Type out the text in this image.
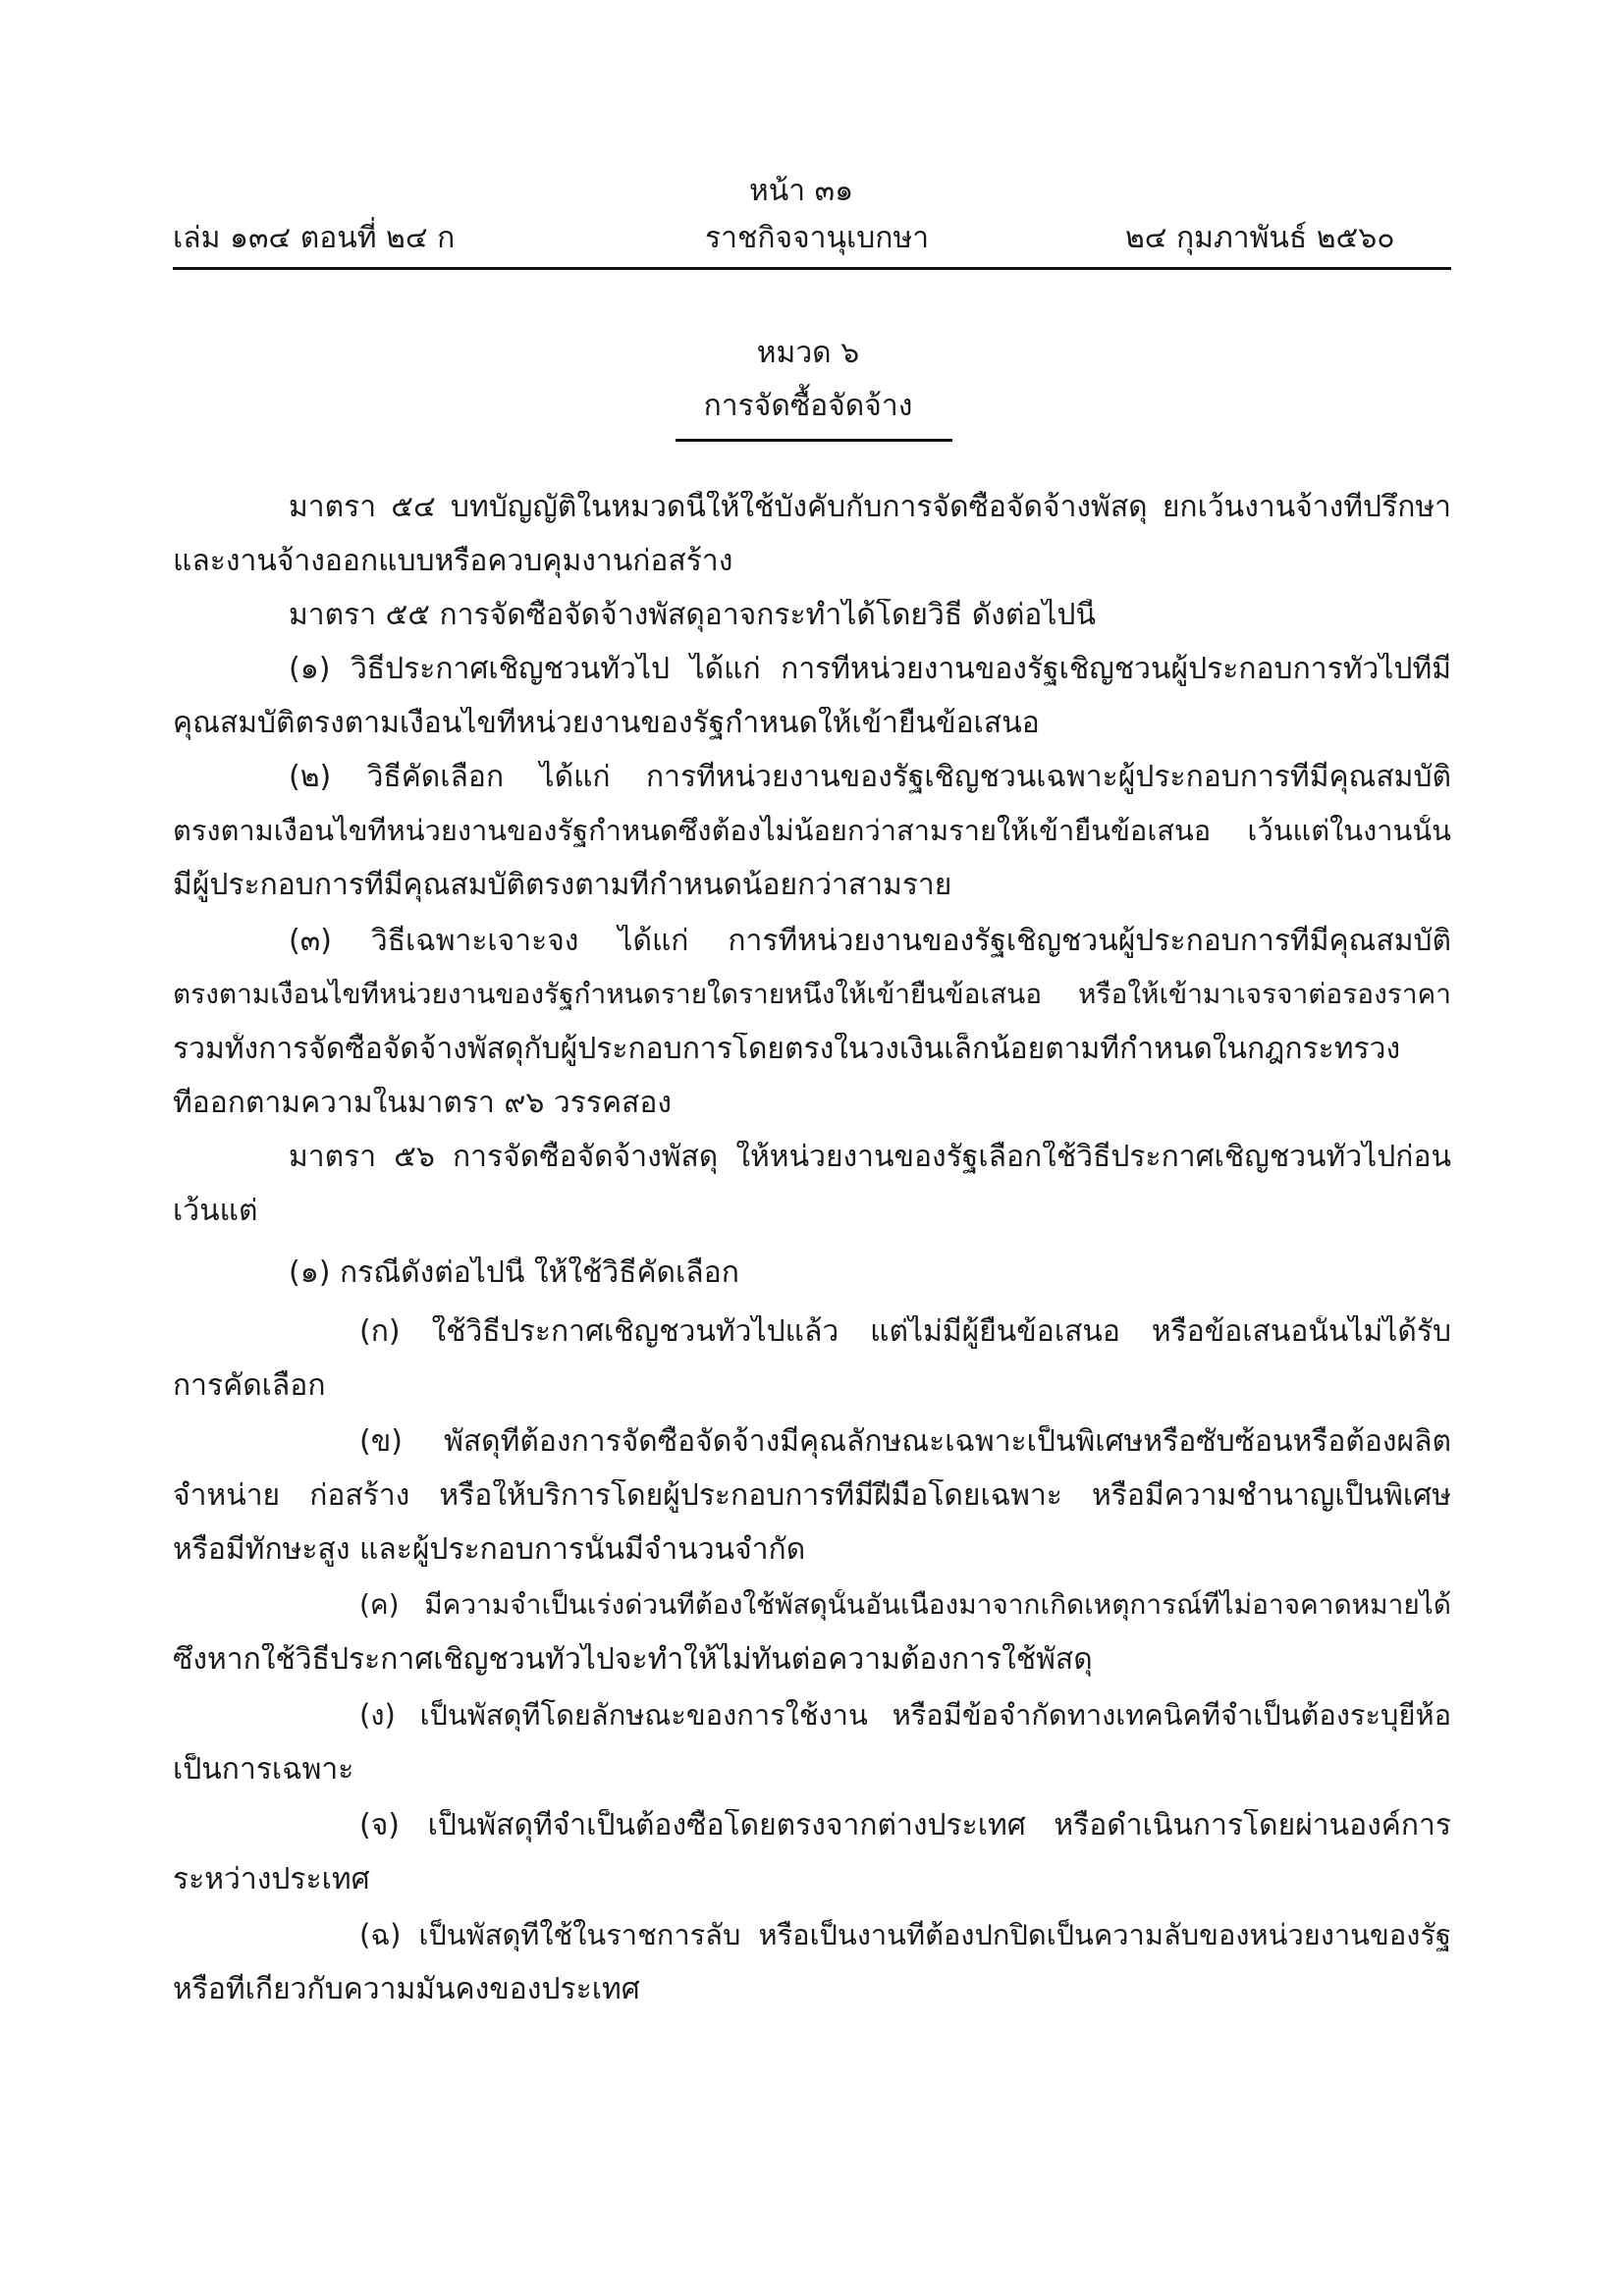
หน้า ๓๑
เล่ม ๑๓๔ ตอนที่ ๒๔ ก	ราชกิจจานุเบกษา	๒๔ กุมภาพันธ์ ๒๕๖๐
หมวด ๖
การจัดซื้อจัดจ้าง
มาตรา ๕๔ บทบัญญัติในหมวดนี้ให้ใช้บังคับกับการจัดซื้อจัดจ้างพัสดุ ยกเว้นงานจ้างที่ปรึกษา
และงานจ้างออกแบบหรือควบคุมงานก่อสร้าง
มาตรา ๕๕ การจัดซื้อจัดจ้างพัสดุอาจกระทำได้โดยวิธี ดังต่อไปนี้
(๑) วิธีประกาศเชิญชวนทั่วไป ได้แก่ การที่หน่วยงานของรัฐเชิญชวนผู้ประกอบการทั่วไปที่มี
คุณสมบัติตรงตามเงื่อนไขที่หน่วยงานของรัฐกำหนดให้เข้ายื่นข้อเสนอ
(๒) วิธีคัดเลือก ได้แก่ การที่หน่วยงานของรัฐเชิญชวนเฉพาะผู้ประกอบการที่มีคุณสมบัติ
ตรงตามเงื่อนไขที่หน่วยงานของรัฐกำหนดซึ่งต้องไม่น้อยกว่าสามรายให้เข้ายื่นข้อเสนอ เว้นแต่ในงานนั้น
มีผู้ประกอบการที่มีคุณสมบัติตรงตามที่กำหนดน้อยกว่าสามราย
(๓) วิธีเฉพาะเจาะจง ได้แก่ การที่หน่วยงานของรัฐเชิญชวนผู้ประกอบการที่มีคุณสมบัติ
ตรงตามเงื่อนไขที่หน่วยงานของรัฐกำหนดรายใดรายหนึ่งให้เข้ายื่นข้อเสนอ หรือให้เข้ามาเจรจาต่อรองราคา
รวมทั้งการจัดซื้อจัดจ้างพัสดุกับผู้ประกอบการโดยตรงในวงเงินเล็กน้อยตามที่กำหนดในกฎกระทรวง
ที่ออกตามความในมาตรา ๙๖ วรรคสอง
มาตรา ๕๖ การจัดซื้อจัดจ้างพัสดุ ให้หน่วยงานของรัฐเลือกใช้วิธีประกาศเชิญชวนทั่วไปก่อน
เว้นแต่
(๑) กรณีดังต่อไปนี้ ให้ใช้วิธีคัดเลือก
(ก) ใช้วิธีประกาศเชิญชวนทั่วไปแล้ว แต่ไม่มีผู้ยื่นข้อเสนอ หรือข้อเสนอนั้นไม่ได้รับ
การคัดเลือก
(ข) พัสดุที่ต้องการจัดซื้อจัดจ้างมีคุณลักษณะเฉพาะเป็นพิเศษหรือซับซ้อนหรือต้องผลิต
จำหน่าย ก่อสร้าง หรือให้บริการโดยผู้ประกอบการที่มีฝีมือโดยเฉพาะ หรือมีความชำนาญเป็นพิเศษ
หรือมีทักษะสูง และผู้ประกอบการนั้นมีจำนวนจำกัด
(ค) มีความจำเป็นเร่งด่วนที่ต้องใช้พัสดุนั้นอันเนื่องมาจากเกิดเหตุการณ์ที่ไม่อาจคาดหมายได้
ซึ่งหากใช้วิธีประกาศเชิญชวนทั่วไปจะทำให้ไม่ทันต่อความต้องการใช้พัสดุ
(ง) เป็นพัสดุที่โดยลักษณะของการใช้งาน หรือมีข้อจำกัดทางเทคนิคที่จำเป็นต้องระบุยี่ห้อ
เป็นการเฉพาะ
(จ) เป็นพัสดุที่จำเป็นต้องซื้อโดยตรงจากต่างประเทศ หรือดำเนินการโดยผ่านองค์การ
ระหว่างประเทศ
(ฉ) เป็นพัสดุที่ใช้ในราชการลับ หรือเป็นงานที่ต้องปกปิดเป็นความลับของหน่วยงานของรัฐ
หรือที่เกี่ยวกับความมั่นคงของประเทศ
